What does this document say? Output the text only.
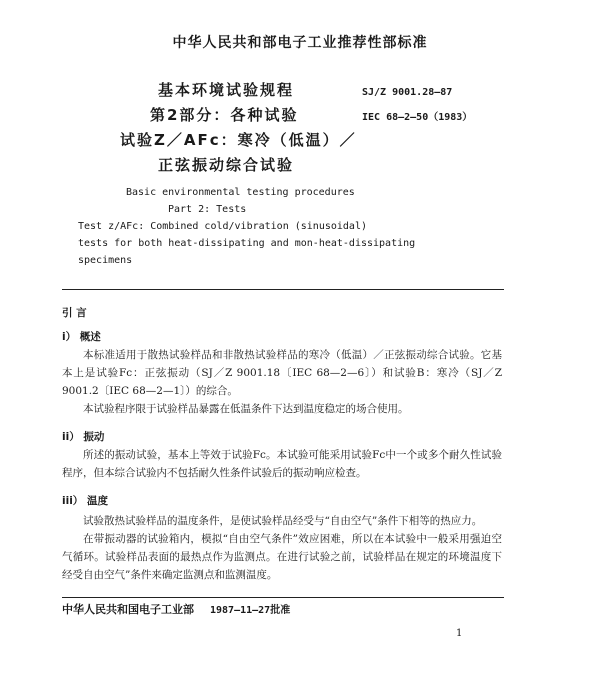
中华人民共和部电子工业推荐性部标准
基本环境试验规程
第2部分：各种试验
试验Z／AFc：寒冷（低温）／
正弦振动综合试验
SJ/Z 9001.28—87
IEC 68—2—50（1983）
Basic environmental testing procedures
Part 2: Tests
Test z/AFc: Combined cold/vibration (sinusoidal)
tests for both heat-dissipating and mon-heat-dissipating
specimens
引 言
i） 概述

本标准适用于散热试验样品和非散热试验样品的寒冷（低温）／正弦振动综合试验。它基本上是试验Fc：正弦振动（SJ／Z 9001.18〔IEC 68—2—6〕）和试验B：寒冷（SJ／Z 9001.2〔IEC 68—2—1〕）的综合。

本试验程序限于试验样品暴露在低温条件下达到温度稳定的场合使用。

ii） 振动

所述的振动试验，基本上等效于试验Fc。本试验可能采用试验Fc中一个或多个耐久性试验程序，但本综合试验内不包括耐久性条件试验后的振动响应检查。

iii） 温度

试验散热试验样品的温度条件，是使试验样品经受与“自由空气”条件下相等的热应力。

在带振动器的试验箱内，模拟“自由空气条件”效应困难，所以在本试验中一般采用强迫空气循环。试验样品表面的最热点作为监测点。在进行试验之前，试验样品在规定的环境温度下经受自由空气”条件来确定监测点和监测温度。

中华人民共和国电子工业部 1987—11—27批准
1
